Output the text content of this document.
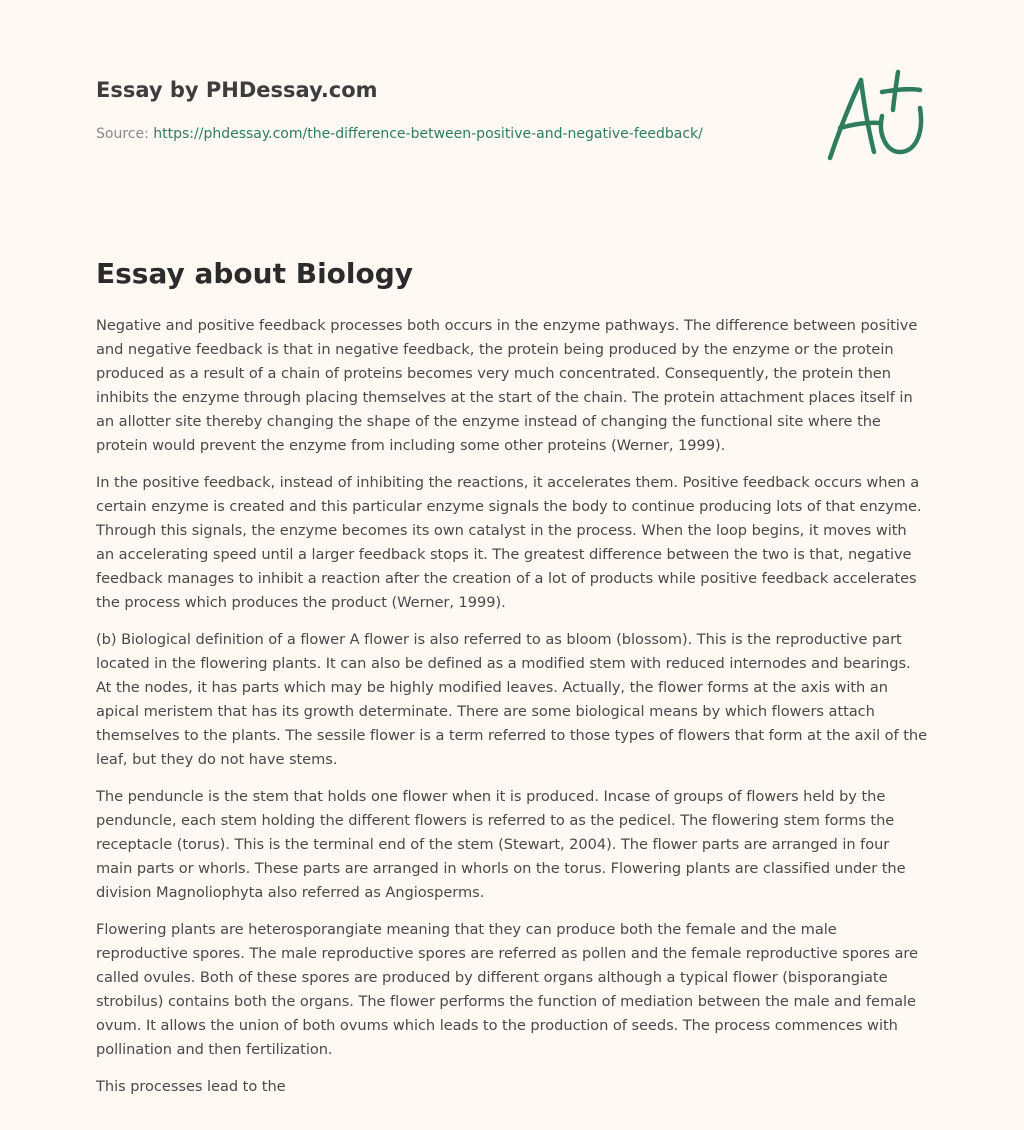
Essay by PHDessay.com
Source: https://phdessay.com/the-difference-between-positive-and-negative-feedback/
Essay about Biology

Negative and positive feedback processes both occurs in the enzyme pathways. The difference between positive and negative feedback is that in negative feedback, the protein being produced by the enzyme or the protein produced as a result of a chain of proteins becomes very much concentrated. Consequently, the protein then inhibits the enzyme through placing themselves at the start of the chain. The protein attachment places itself in an allotter site thereby changing the shape of the enzyme instead of changing the functional site where the protein would prevent the enzyme from including some other proteins (Werner, 1999).

In the positive feedback, instead of inhibiting the reactions, it accelerates them. Positive feedback occurs when a certain enzyme is created and this particular enzyme signals the body to continue producing lots of that enzyme. Through this signals, the enzyme becomes its own catalyst in the process. When the loop begins, it moves with an accelerating speed until a larger feedback stops it. The greatest difference between the two is that, negative feedback manages to inhibit a reaction after the creation of a lot of products while positive feedback accelerates the process which produces the product (Werner, 1999).

(b) Biological definition of a flower A flower is also referred to as bloom (blossom). This is the reproductive part located in the flowering plants. It can also be defined as a modified stem with reduced internodes and bearings. At the nodes, it has parts which may be highly modified leaves. Actually, the flower forms at the axis with an apical meristem that has its growth determinate. There are some biological means by which flowers attach themselves to the plants. The sessile flower is a term referred to those types of flowers that form at the axil of the leaf, but they do not have stems.

The penduncle is the stem that holds one flower when it is produced. Incase of groups of flowers held by the penduncle, each stem holding the different flowers is referred to as the pedicel. The flowering stem forms the receptacle (torus). This is the terminal end of the stem (Stewart, 2004). The flower parts are arranged in four main parts or whorls. These parts are arranged in whorls on the torus. Flowering plants are classified under the division Magnoliophyta also referred as Angiosperms.

Flowering plants are heterosporangiate meaning that they can produce both the female and the male reproductive spores. The male reproductive spores are referred as pollen and the female reproductive spores are called ovules. Both of these spores are produced by different organs although a typical flower (bisporangiate strobilus) contains both the organs. The flower performs the function of mediation between the male and female ovum. It allows the union of both ovums which leads to the production of seeds. The process commences with pollination and then fertilization.

This processes lead to the
